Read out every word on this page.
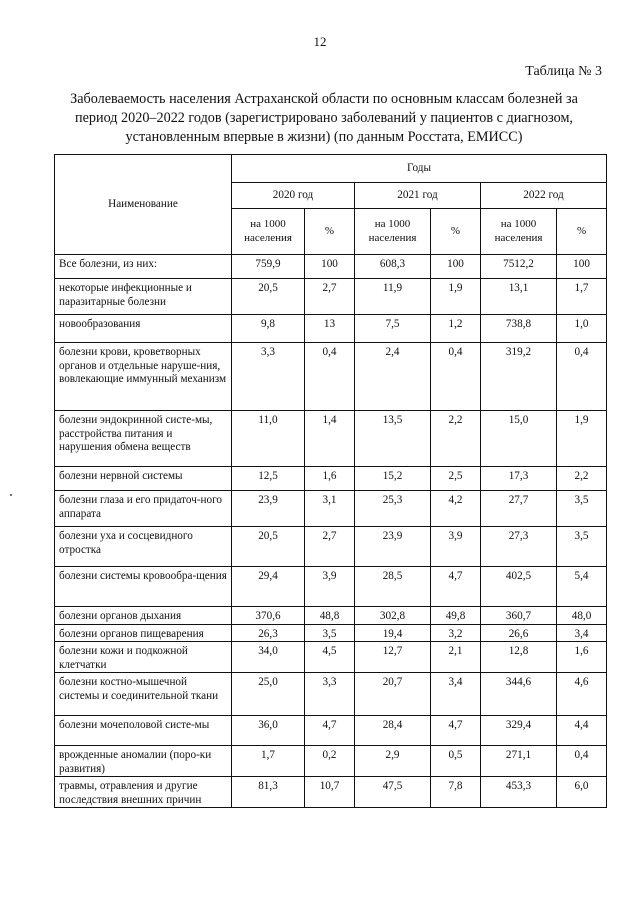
12
Таблица № 3
Заболеваемость населения Астраханской области по основным классам болезней за
период 2020–2022 годов (зарегистрировано заболеваний у пациентов с диагнозом,
установленным впервые в жизни) (по данным Росстата, ЕМИСС)
Наименование	Годы					
	2020 год		2021 год		2022 год	
	на 1000 населения	%	на 1000 населения	%	на 1000 населения	%
Все болезни, из них:	759,9	100	608,3	100	7512,2	100
некоторые инфекционные и паразитарные болезни	20,5	2,7	11,9	1,9	13,1	1,7
новообразования	9,8	13	7,5	1,2	738,8	1,0
болезни крови, кроветворных органов и отдельные наруше-ния, вовлекающие иммунный механизм	3,3	0,4	2,4	0,4	319,2	0,4
болезни эндокринной систе-мы, расстройства питания и нарушения обмена веществ	11,0	1,4	13,5	2,2	15,0	1,9
болезни нервной системы	12,5	1,6	15,2	2,5	17,3	2,2
болезни глаза и его придаточ-ного аппарата	23,9	3,1	25,3	4,2	27,7	3,5
болезни уха и сосцевидного отростка	20,5	2,7	23,9	3,9	27,3	3,5
болезни системы кровообра-щения	29,4	3,9	28,5	4,7	402,5	5,4
болезни органов дыхания	370,6	48,8	302,8	49,8	360,7	48,0
болезни органов пищеварения	26,3	3,5	19,4	3,2	26,6	3,4
болезни кожи и подкожной клетчатки	34,0	4,5	12,7	2,1	12,8	1,6
болезни костно-мышечной системы и соединительной ткани	25,0	3,3	20,7	3,4	344,6	4,6
болезни мочеполовой систе-мы	36,0	4,7	28,4	4,7	329,4	4,4
врожденные аномалии (поро-ки развития)	1,7	0,2	2,9	0,5	271,1	0,4
травмы, отравления и другие последствия внешних причин	81,3	10,7	47,5	7,8	453,3	6,0
